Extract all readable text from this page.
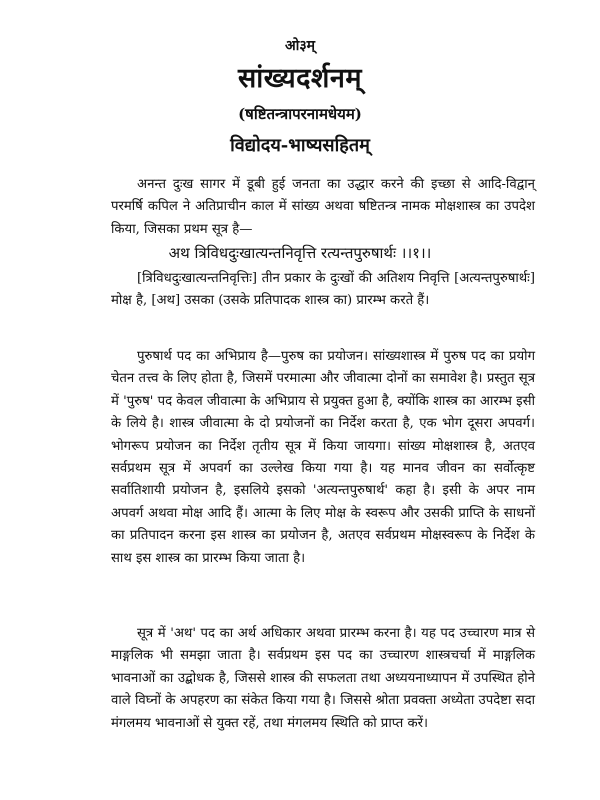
ओ३म्
सांख्यदर्शनम्
(षष्टितन्त्रापरनामधेयम)
विद्योदय-भाष्यसहितम्

अनन्त दुःख सागर में डूबी हुई जनता का उद्धार करने की इच्छा से आदि-विद्वान् परमर्षि कपिल ने अतिप्राचीन काल में सांख्य अथवा षष्टितन्त्र नामक मोक्षशास्त्र का उपदेश किया, जिसका प्रथम सूत्र है—

अथ त्रिविधदुःखात्यन्तनिवृत्ति रत्यन्तपुरुषार्थः ।।१।।

[त्रिविधदुःखात्यन्तनिवृत्तिः] तीन प्रकार के दुःखों की अतिशय निवृत्ति [अत्यन्तपुरुषार्थः] मोक्ष है, [अथ] उसका (उसके प्रतिपादक शास्त्र का) प्रारम्भ करते हैं।

पुरुषार्थ पद का अभिप्राय है—पुरुष का प्रयोजन। सांख्यशास्त्र में पुरुष पद का प्रयोग चेतन तत्त्व के लिए होता है, जिसमें परमात्मा और जीवात्मा दोनों का समावेश है। प्रस्तुत सूत्र में 'पुरुष' पद केवल जीवात्मा के अभिप्राय से प्रयुक्त हुआ है, क्योंकि शास्त्र का आरम्भ इसी के लिये है। शास्त्र जीवात्मा के दो प्रयोजनों का निर्देश करता है, एक भोग दूसरा अपवर्ग। भोगरूप प्रयोजन का निर्देश तृतीय सूत्र में किया जायगा। सांख्य मोक्षशास्त्र है, अतएव सर्वप्रथम सूत्र में अपवर्ग का उल्लेख किया गया है। यह मानव जीवन का सर्वोत्कृष्ट सर्वातिशायी प्रयोजन है, इसलिये इसको 'अत्यन्तपुरुषार्थ' कहा है। इसी के अपर नाम अपवर्ग अथवा मोक्ष आदि हैं। आत्मा के लिए मोक्ष के स्वरूप और उसकी प्राप्ति के साधनों का प्रतिपादन करना इस शास्त्र का प्रयोजन है, अतएव सर्वप्रथम मोक्षस्वरूप के निर्देश के साथ इस शास्त्र का प्रारम्भ किया जाता है।

सूत्र में 'अथ' पद का अर्थ अधिकार अथवा प्रारम्भ करना है। यह पद उच्चारण मात्र से माङ्गलिक भी समझा जाता है। सर्वप्रथम इस पद का उच्चारण शास्त्रचर्चा में माङ्गलिक भावनाओं का उद्बोधक है, जिससे शास्त्र की सफलता तथा अध्ययनाध्यापन में उपस्थित होने वाले विघ्नों के अपहरण का संकेत किया गया है। जिससे श्रोता प्रवक्ता अध्येता उपदेष्टा सदा मंगलमय भावनाओं से युक्त रहें, तथा मंगलमय स्थिति को प्राप्त करें।
